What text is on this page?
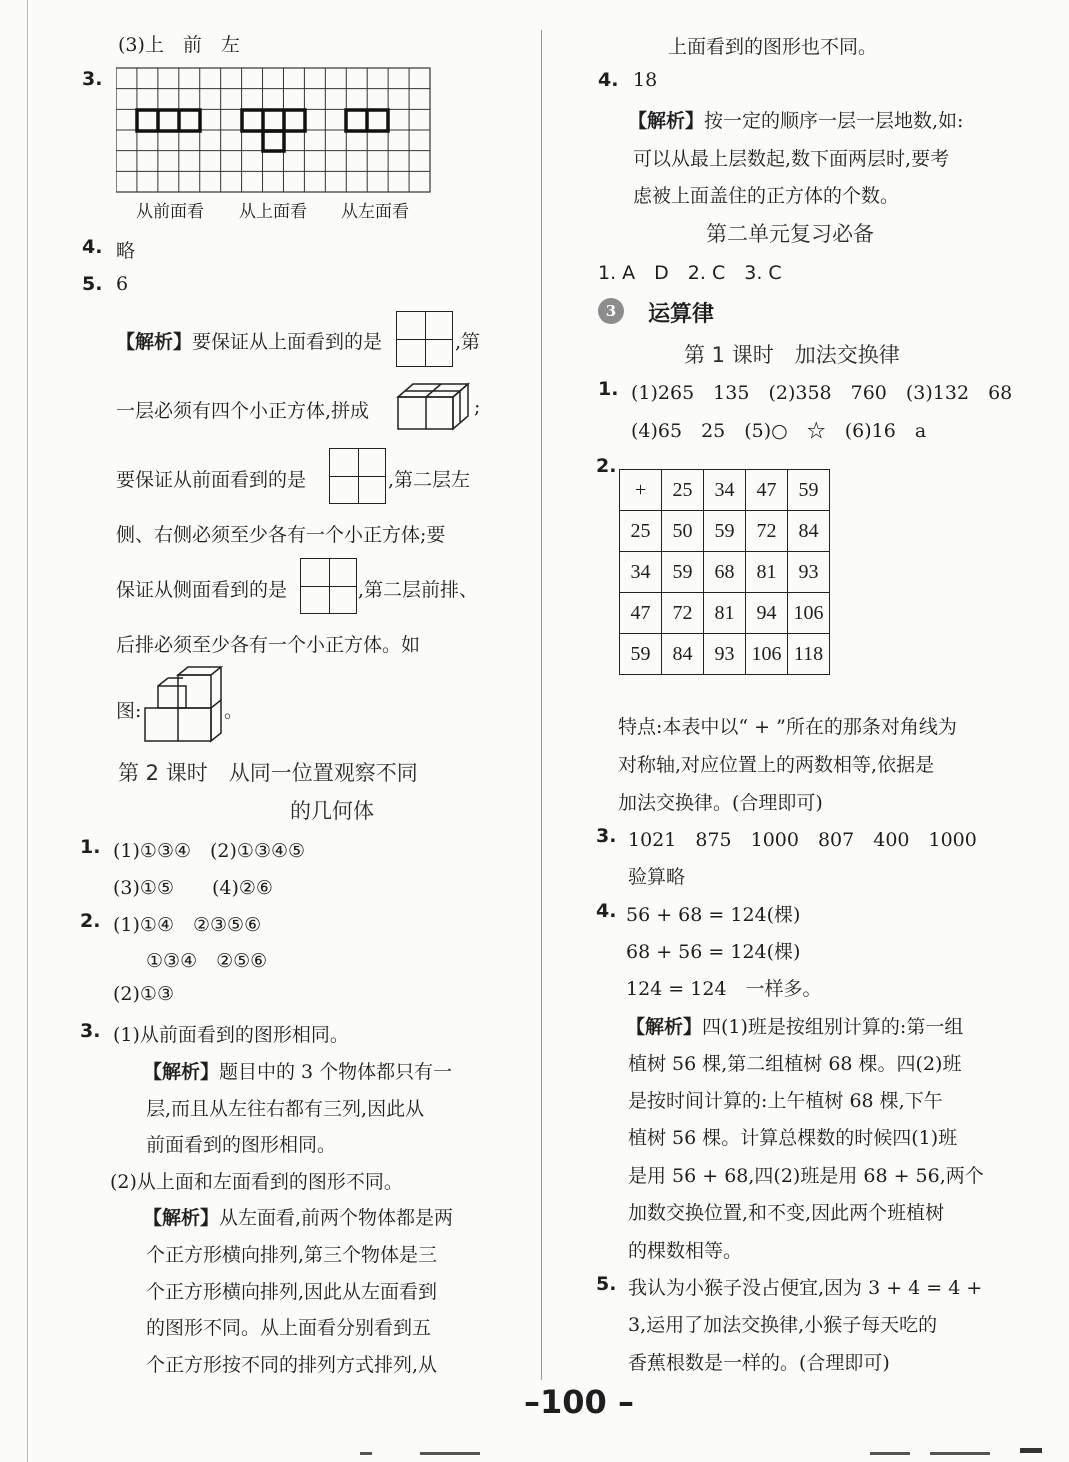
(3)上　前　左
3.
从前面看 从上面看 从左面看
4. 略
5. 6
【解析】要保证从上面看到的是	,第
一层必须有四个小正方体,拼成	;
要保证从前面看到的是	,第二层左
侧、右侧必须至少各有一个小正方体;要
保证从侧面看到的是	,第二层前排、
后排必须至少各有一个小正方体。如
图:	。
第 2 课时　从同一位置观察不同
的几何体
1. (1)①③④　(2)①③④⑤
(3)①⑤　　(4)②⑥
2. (1)①④　②③⑤⑥
①③④　②⑤⑥
(2)①③
3. (1)从前面看到的图形相同。
【解析】题目中的 3 个物体都只有一
层,而且从左往右都有三列,因此从
前面看到的图形相同。
(2)从上面和左面看到的图形不同。
【解析】从左面看,前两个物体都是两
个正方形横向排列,第三个物体是三
个正方形横向排列,因此从左面看到
的图形不同。从上面看分别看到五
个正方形按不同的排列方式排列,从
上面看到的图形也不同。
4. 18
【解析】按一定的顺序一层一层地数,如:
可以从最上层数起,数下面两层时,要考
虑被上面盖住的正方体的个数。
第二单元复习必备
1. A　D　2. C　3. C
3	运算律
第 1 课时　加法交换律
1. (1)265　135　(2)358　760　(3)132　68
(4)65　25　(5)○　☆　(6)16　a
2.
+	25	34	47	59
25	50	59	72	84
34	59	68	81	93
47	72	81	94	106
59	84	93	106	118
特点:本表中以“ + ”所在的那条对角线为
对称轴,对应位置上的两数相等,依据是
加法交换律。(合理即可)
3. 1021　875　1000　807　400　1000
验算略
4. 56 + 68 = 124(棵)
68 + 56 = 124(棵)
124 = 124　一样多。
【解析】四(1)班是按组别计算的:第一组
植树 56 棵,第二组植树 68 棵。四(2)班
是按时间计算的:上午植树 68 棵,下午
植树 56 棵。计算总棵数的时候四(1)班
是用 56 + 68,四(2)班是用 68 + 56,两个
加数交换位置,和不变,因此两个班植树
的棵数相等。
5. 我认为小猴子没占便宜,因为 3 + 4 = 4 +
3,运用了加法交换律,小猴子每天吃的
香蕉根数是一样的。(合理即可)
–100 –
